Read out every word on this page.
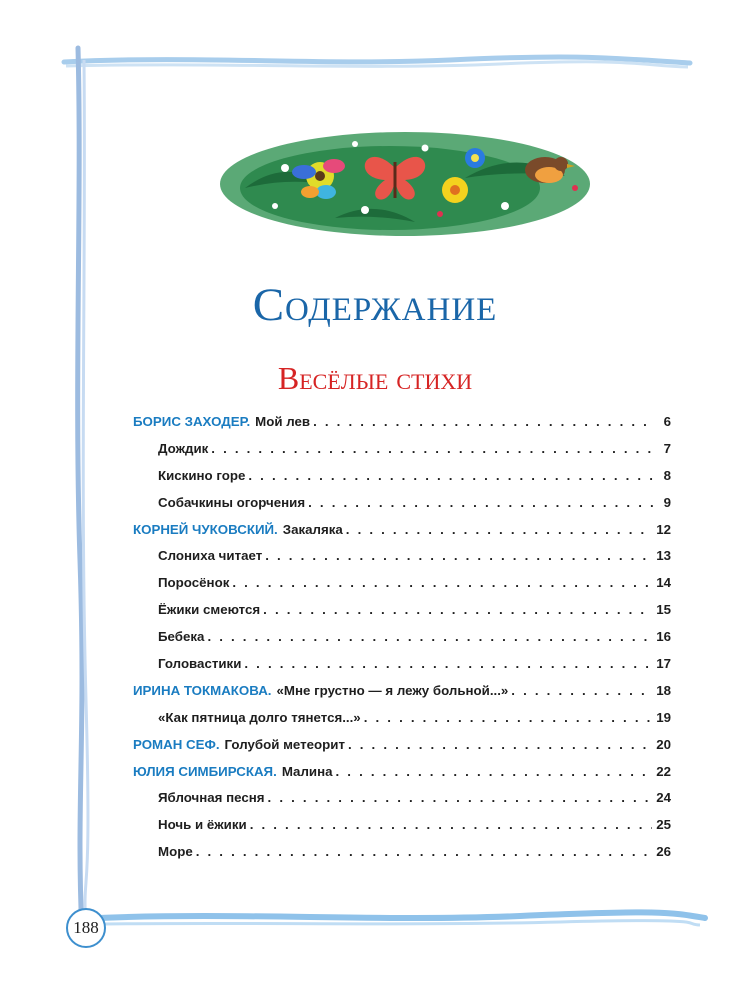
Содержание
Весёлые стихи
БОРИС ЗАХОДЕР. Мой лев . . .	6
Дождик . . .	7
Кискино горе . . .	8
Собачкины огорчения . . .	9
КОРНЕЙ ЧУКОВСКИЙ. Закаляка . . .	12
Слониха читает . . .	13
Поросёнок . . .	14
Ёжики смеются . . .	15
Бебека . . .	16
Головастики . . .	17
ИРИНА ТОКМАКОВА. «Мне грустно — я лежу больной...» . . .	18
«Как пятница долго тянется...» . . .	19
РОМАН СЕФ. Голубой метеорит . . .	20
ЮЛИЯ СИМБИРСКАЯ. Малина . . .	22
Яблочная песня . . .	24
Ночь и ёжики . . .	25
Море . . .	26
188
